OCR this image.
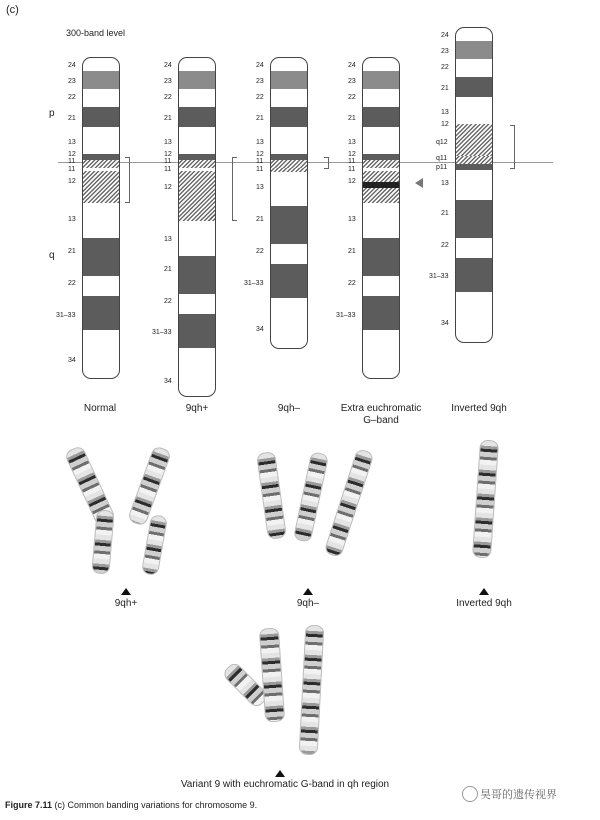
(c)
300-band level
p
q
24
23
22
21
13
12
11
11
12
13
21
22
31–33
34
Normal
24
23
22
21
13
12
11
11
12
13
21
22
31–33
34
9qh+
24
23
22
21
13
12
11
11
13
21
22
31–33
34
9qh–
24
23
22
21
13
12
11
11
12
13
21
22
31–33
Extra euchromatic
G–band
24
23
22
21
13
12
q12
q11
p11
13
21
22
31–33
34
Inverted 9qh
9qh+	9qh–	Inverted 9qh
Variant 9 with euchromatic G-band in qh region
Figure 7.11 (c) Common banding variations for chromosome 9.
昊哥的遗传视界
